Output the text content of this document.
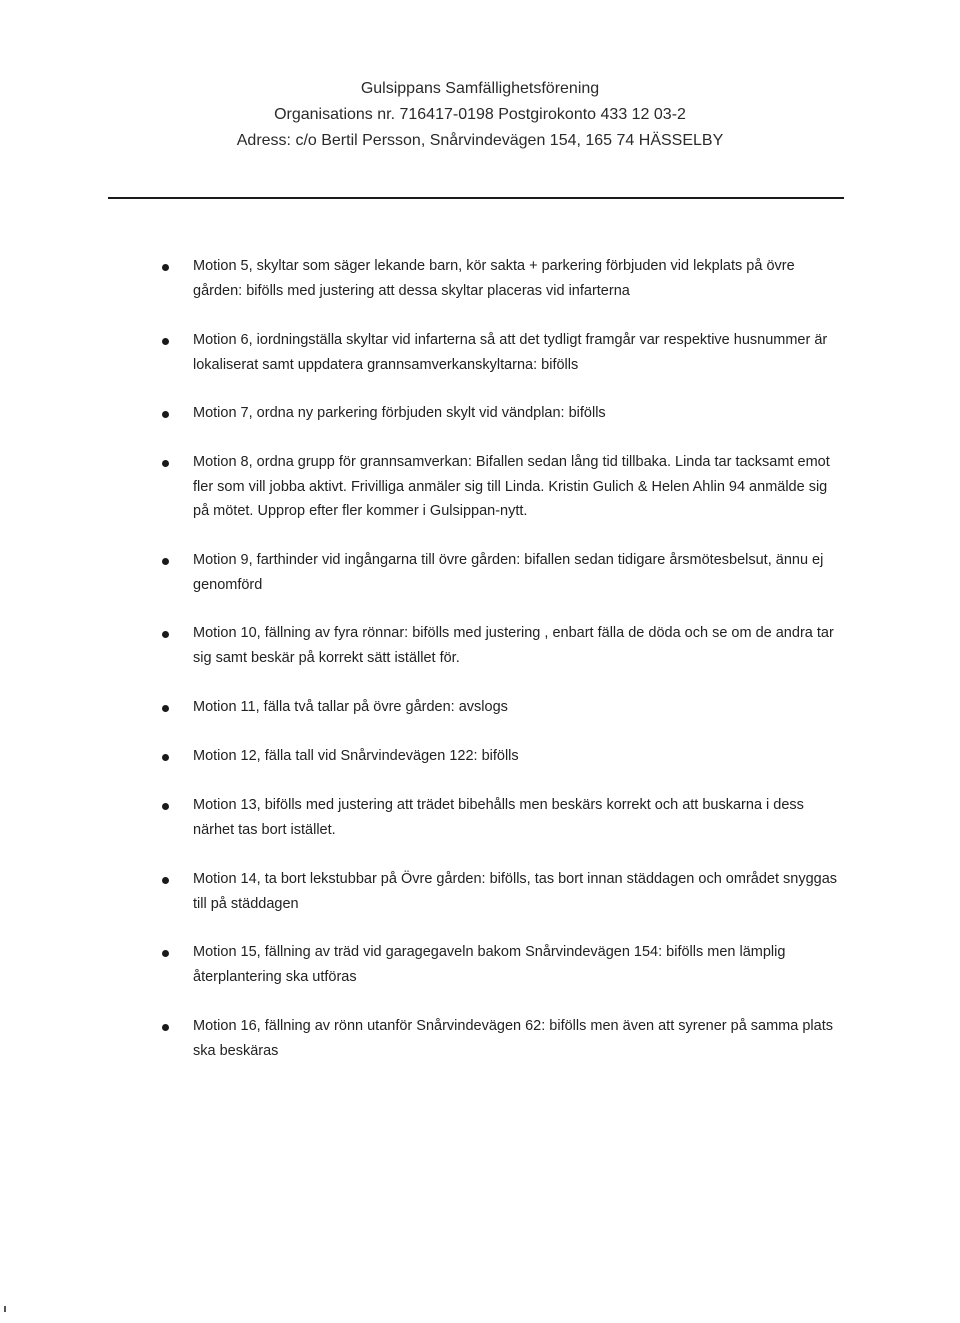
Gulsippans Samfällighetsförening

Organisations nr. 716417-0198 Postgirokonto 433 12 03-2

Adress: c/o Bertil Persson, Snårvindevägen 154, 165 74 HÄSSELBY

Motion 5, skyltar som säger lekande barn, kör sakta + parkering förbjuden vid lekplats på övre gården: bifölls med justering att dessa skyltar placeras vid infarterna
Motion 6, iordningställa skyltar vid infarterna så att det tydligt framgår var respektive husnummer är lokaliserat samt uppdatera grannsamverkanskyltarna: bifölls
Motion 7, ordna ny parkering förbjuden skylt vid vändplan: bifölls
Motion 8, ordna grupp för grannsamverkan: Bifallen sedan lång tid tillbaka. Linda tar tacksamt emot fler som vill jobba aktivt. Frivilliga anmäler sig till Linda. Kristin Gulich & Helen Ahlin 94 anmälde sig på mötet. Upprop efter fler kommer i Gulsippan-nytt.
Motion 9, farthinder vid ingångarna till övre gården: bifallen sedan tidigare årsmötesbelsut, ännu ej genomförd
Motion 10, fällning av fyra rönnar: bifölls med justering , enbart fälla de döda och se om de andra tar sig samt beskär på korrekt sätt istället för.
Motion 11, fälla två tallar på övre gården: avslogs
Motion 12, fälla tall vid Snårvindevägen 122: bifölls
Motion 13, bifölls med justering att trädet bibehålls men beskärs korrekt och att buskarna i dess närhet tas bort istället.
Motion 14, ta bort lekstubbar på Övre gården: bifölls, tas bort innan städdagen och området snyggas till på städdagen
Motion 15, fällning av träd vid garagegaveln bakom Snårvindevägen 154: bifölls men lämplig återplantering ska utföras
Motion 16, fällning av rönn utanför Snårvindevägen 62: bifölls men även att syrener på samma plats ska beskäras
